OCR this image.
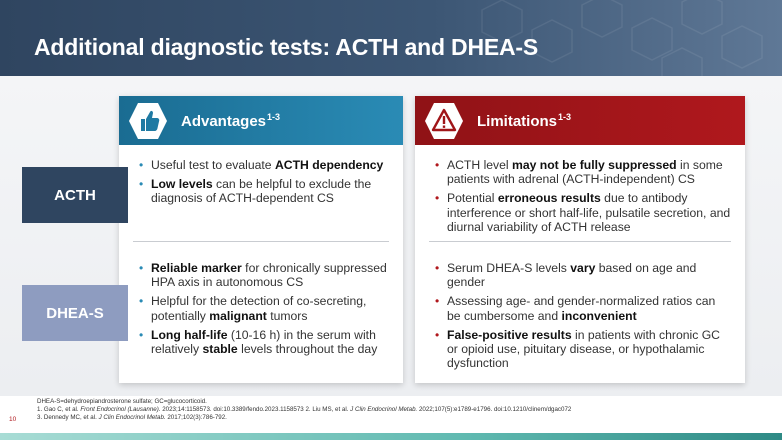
Additional diagnostic tests: ACTH and DHEA-S
Advantages$^{1-3}$
• Useful test to evaluate ACTH dependency
• Low levels can be helpful to exclude the diagnosis of ACTH-dependent CS
• Reliable marker for chronically suppressed HPA axis in autonomous CS
• Helpful for the detection of co-secreting, potentially malignant tumors
• Long half-life (10-16 h) in the serum with relatively stable levels throughout the day
Limitations$^{1-3}$
• ACTH level may not be fully suppressed in some patients with adrenal (ACTH-independent) CS
• Potential erroneous results due to antibody interference or short half-life, pulsatile secretion, and diurnal variability of ACTH release
• Serum DHEA-S levels vary based on age and gender
• Assessing age- and gender-normalized ratios can be cumbersome and inconvenient
• False-positive results in patients with chronic GC or opioid use, pituitary disease, or hypothalamic dysfunction
ACTH
DHEA-S
DHEA-S=dehydroepiandrosterone sulfate; GC=glucocorticoid.
1. Gao C, et al. Front Endocrinol (Lausanne). 2023;14:1158573. doi:10.3389/fendo.2023.1158573 2. Liu MS, et al. J Clin Endocrinol Metab. 2022;107(5):e1789-e1796. doi:10.1210/clinem/dgac072
3. Dennedy MC, et al. J Clin Endocrinol Metab. 2017;102(3):786-792.
10
